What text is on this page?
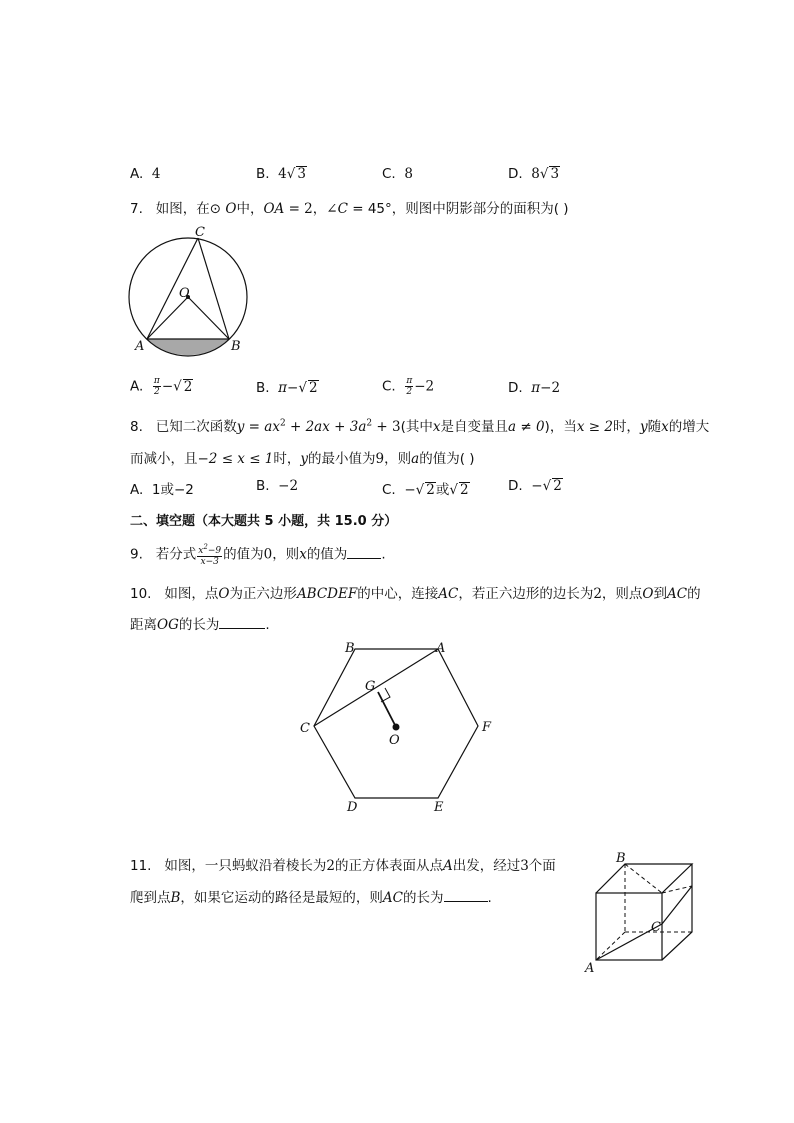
A. 4	B. 4√ 3	C. 8	D. 8√ 3
7. 如图，在⊙ O中，OA = 2，∠C = 45°，则图中阴影部分的面积为( )
C
O
A	B
A. $\frac{\pi}{2}$ −√ 2	B. π−√ 2	C. $\frac{\pi}{2} -2$	D. π−2
8. 已知二次函数$y = ax^2 + 2ax + 3a^2 + 3$(其中x是自变量且a ≠ 0)，当x ≥ 2时，y随x的增大
而减小，且−2 ≤ x ≤ 1时，y的最小值为9，则a的值为( )
A. 1或−2	B. −2	C. −√ 2或√ 2	D. −√ 2
二、填空题（本大题共 5 小题，共 15.0 分）
9. 若分式 $\frac{x^2-9}{x-3}$ 的值为0，则x的值为	.
10. 如图，点O为正六边形ABCDEF的中心，连接AC，若正六边形的边长为2，则点O到AC的
距离OG的长为	.
B	A
G
C	F
O
D	E
11. 如图，一只蚂蚁沿着棱长为2的正方体表面从点A出发，经过3个面
爬到点B，如果它运动的路径是最短的，则AC的长为	.
B
C
A
